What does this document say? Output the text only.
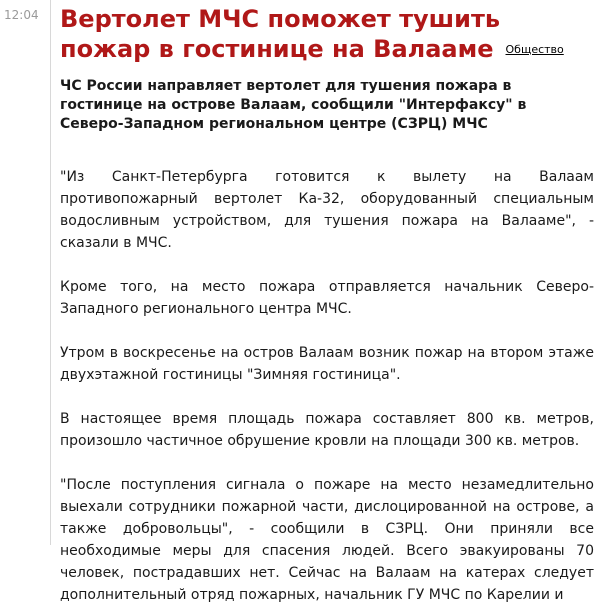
12:04 Вертолет МЧС поможет тушить пожар в гостинице на Валааме Общество

ЧС России направляет вертолет для тушения пожара в гостинице на острове Валаам, сообщили "Интерфаксу" в Северо-Западном региональном центре (СЗРЦ) МЧС

"Из Санкт-Петербурга готовится к вылету на Валаам противопожарный вертолет Ка-32, оборудованный специальным водосливным устройством, для тушения пожара на Валааме", - сказали в МЧС.

Кроме того, на место пожара отправляется начальник Северо-Западного регионального центра МЧС.

Утром в воскресенье на остров Валаам возник пожар на втором этаже двухэтажной гостиницы "Зимняя гостиница".

В настоящее время площадь пожара составляет 800 кв. метров, произошло частичное обрушение кровли на площади 300 кв. метров.

"После поступления сигнала о пожаре на место незамедлительно выехали сотрудники пожарной части, дислоцированной на острове, а также добровольцы", - сообщили в СЗРЦ. Они приняли все необходимые меры для спасения людей. Всего эвакуированы 70 человек, пострадавших нет. Сейчас на Валаам на катерах следует дополнительный отряд пожарных, начальник ГУ МЧС по Карелии и
